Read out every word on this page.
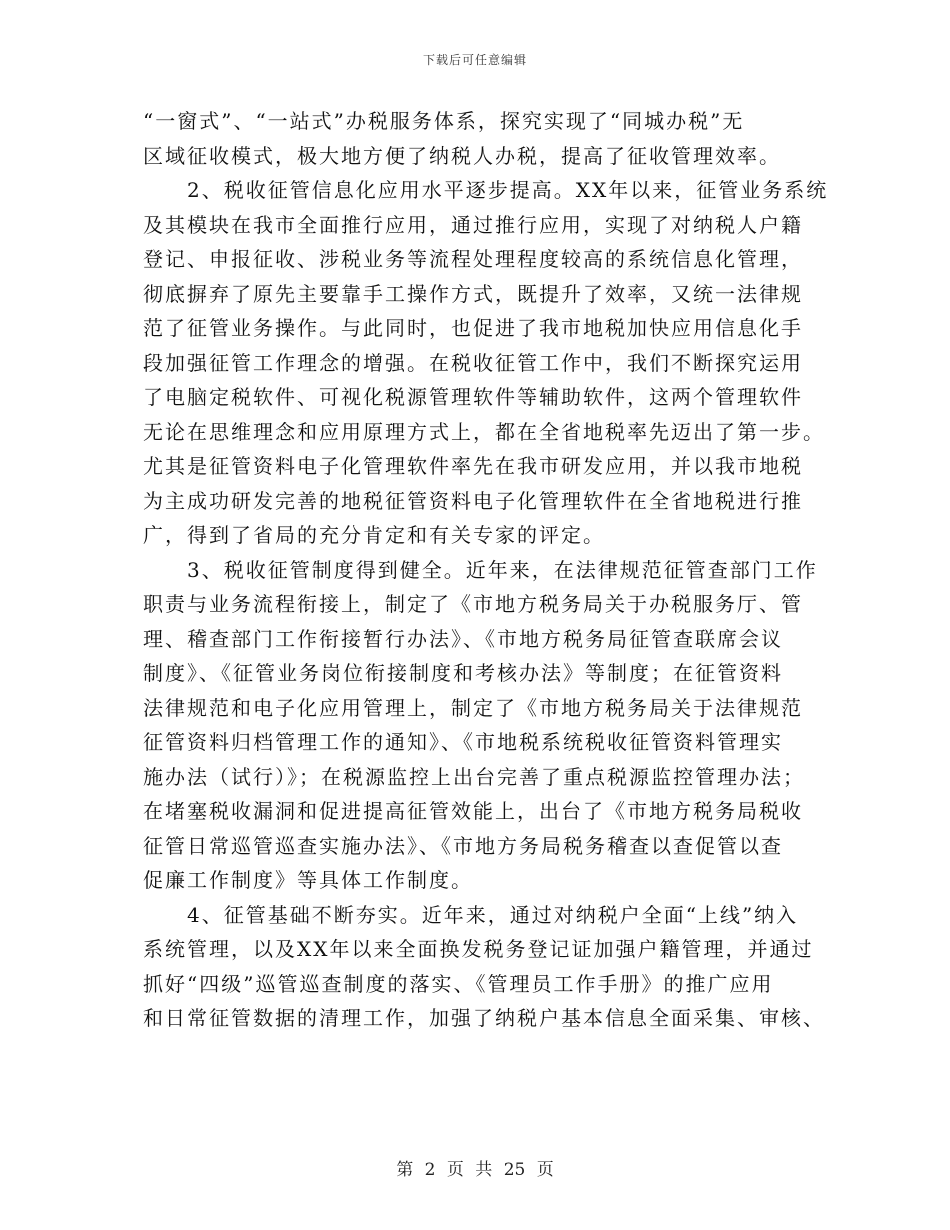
下载后可任意编辑
“一窗式”、“一站式”办税服务体系，探究实现了“同城办税”无
区域征收模式，极大地方便了纳税人办税，提高了征收管理效率。
　　2、税收征管信息化应用水平逐步提高。XX年以来，征管业务系统
及其模块在我市全面推行应用，通过推行应用，实现了对纳税人户籍
登记、申报征收、涉税业务等流程处理程度较高的系统信息化管理，
彻底摒弃了原先主要靠手工操作方式，既提升了效率，又统一法律规
范了征管业务操作。与此同时，也促进了我市地税加快应用信息化手
段加强征管工作理念的增强。在税收征管工作中，我们不断探究运用
了电脑定税软件、可视化税源管理软件等辅助软件，这两个管理软件
无论在思维理念和应用原理方式上，都在全省地税率先迈出了第一步。
尤其是征管资料电子化管理软件率先在我市研发应用，并以我市地税
为主成功研发完善的地税征管资料电子化管理软件在全省地税进行推
广，得到了省局的充分肯定和有关专家的评定。
　　3、税收征管制度得到健全。近年来，在法律规范征管查部门工作
职责与业务流程衔接上，制定了《市地方税务局关于办税服务厅、管
理、稽查部门工作衔接暂行办法》、《市地方税务局征管查联席会议
制度》、《征管业务岗位衔接制度和考核办法》等制度；在征管资料
法律规范和电子化应用管理上，制定了《市地方税务局关于法律规范
征管资料归档管理工作的通知》、《市地税系统税收征管资料管理实
施办法（试行）》；在税源监控上出台完善了重点税源监控管理办法；
在堵塞税收漏洞和促进提高征管效能上，出台了《市地方税务局税收
征管日常巡管巡查实施办法》、《市地方务局税务稽查以查促管以查
促廉工作制度》等具体工作制度。
　　4、征管基础不断夯实。近年来，通过对纳税户全面“上线”纳入
系统管理，以及XX年以来全面换发税务登记证加强户籍管理，并通过
抓好“四级”巡管巡查制度的落实、《管理员工作手册》的推广应用
和日常征管数据的清理工作，加强了纳税户基本信息全面采集、审核、
第 2 页 共 25 页
